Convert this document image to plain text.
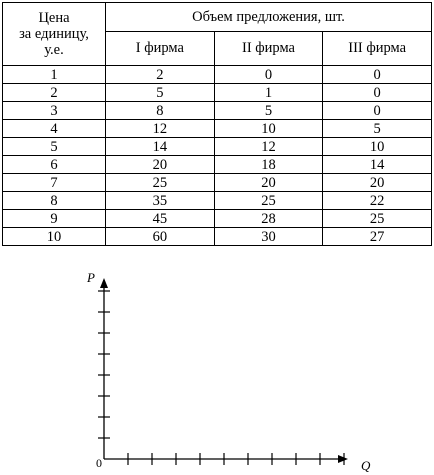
Цена
за единицу,
у.е.	Объем предложения, шт.		
	I фирма	II фирма	III фирма
1	2	0	0
2	5	1	0
3	8	5	0
4	12	10	5
5	14	12	10
6	20	18	14
7	25	20	20
8	35	25	22
9	45	28	25
10	60	30	27
P
Q
0
